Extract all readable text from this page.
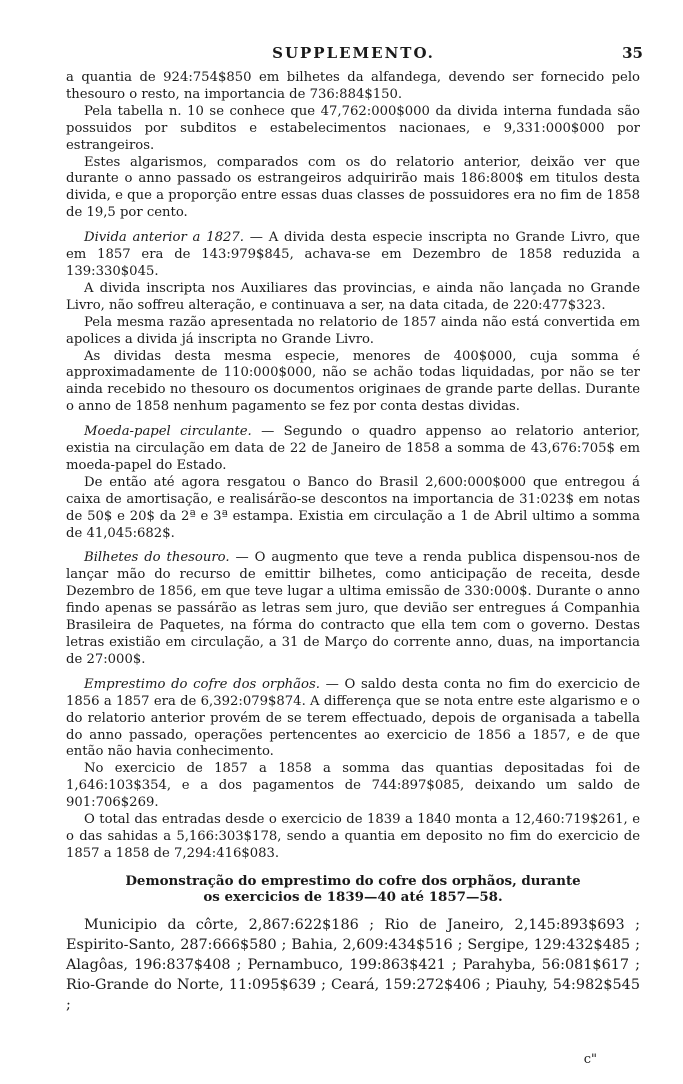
SUPPLEMENTO.	35

a quantia de 924:754$850 em bilhetes da alfandega, devendo ser fornecido pelo thesouro o resto, na importancia de 736:884$150.

Pela tabella n. 10 se conhece que 47,762:000$000 da divida interna fundada são possuidos por subditos e estabelecimentos nacionaes, e 9,331:000$000 por estrangeiros.

Estes algarismos, comparados com os do relatorio anterior, deixão ver que durante o anno passado os estrangeiros adquirirão mais 186:800$ em titulos desta divida, e que a proporção entre essas duas classes de possuidores era no fim de 1858 de 19,5 por cento.

Divida anterior a 1827. — A divida desta especie inscripta no Grande Livro, que em 1857 era de 143:979$845, achava-se em Dezembro de 1858 reduzida a 139:330$045.

A divida inscripta nos Auxiliares das provincias, e ainda não lançada no Grande Livro, não soffreu alteração, e continuava a ser, na data citada, de 220:477$323.

Pela mesma razão apresentada no relatorio de 1857 ainda não está convertida em apolices a divida já inscripta no Grande Livro.

As dividas desta mesma especie, menores de 400$000, cuja somma é approximadamente de 110:000$000, não se achão todas liquidadas, por não se ter ainda recebido no thesouro os documentos originaes de grande parte dellas. Durante o anno de 1858 nenhum pagamento se fez por conta destas dividas.

Moeda-papel circulante. — Segundo o quadro appenso ao relatorio anterior, existia na circulação em data de 22 de Janeiro de 1858 a somma de 43,676:705$ em moeda-papel do Estado.

De então até agora resgatou o Banco do Brasil 2,600:000$000 que entregou á caixa de amortisação, e realisárão-se descontos na importancia de 31:023$ em notas de 50$ e 20$ da 2ª e 3ª estampa. Existia em circulação a 1 de Abril ultimo a somma de 41,045:682$.

Bilhetes do thesouro. — O augmento que teve a renda publica dispensou-nos de lançar mão do recurso de emittir bilhetes, como anticipação de receita, desde Dezembro de 1856, em que teve lugar a ultima emissão de 330:000$. Durante o anno findo apenas se passárão as letras sem juro, que devião ser entregues á Companhia Brasileira de Paquetes, na fórma do contracto que ella tem com o governo. Destas letras existião em circulação, a 31 de Março do corrente anno, duas, na importancia de 27:000$.

Emprestimo do cofre dos orphãos. — O saldo desta conta no fim do exercicio de 1856 a 1857 era de 6,392:079$874. A differença que se nota entre este algarismo e o do relatorio anterior provém de se terem effectuado, depois de organisada a tabella do anno passado, operações pertencentes ao exercicio de 1856 a 1857, e de que então não havia conhecimento.

No exercicio de 1857 a 1858 a somma das quantias depositadas foi de 1,646:103$354, e a dos pagamentos de 744:897$085, deixando um saldo de 901:706$269.

O total das entradas desde o exercicio de 1839 a 1840 monta a 12,460:719$261, e o das sahidas a 5,166:303$178, sendo a quantia em deposito no fim do exercicio de 1857 a 1858 de 7,294:416$083.

Demonstração do emprestimo do cofre dos orphãos, durante
os exercicios de 1839—40 até 1857—58.

Municipio da côrte, 2,867:622$186 ; Rio de Janeiro, 2,145:893$693 ; Espirito-Santo, 287:666$580 ; Bahia, 2,609:434$516 ; Sergipe, 129:432$485 ; Alagôas, 196:837$408 ; Pernambuco, 199:863$421 ; Parahyba, 56:081$617 ; Rio-Grande do Norte, 11:095$639 ; Ceará, 159:272$406 ; Piauhy, 54:982$545 ;

c"
